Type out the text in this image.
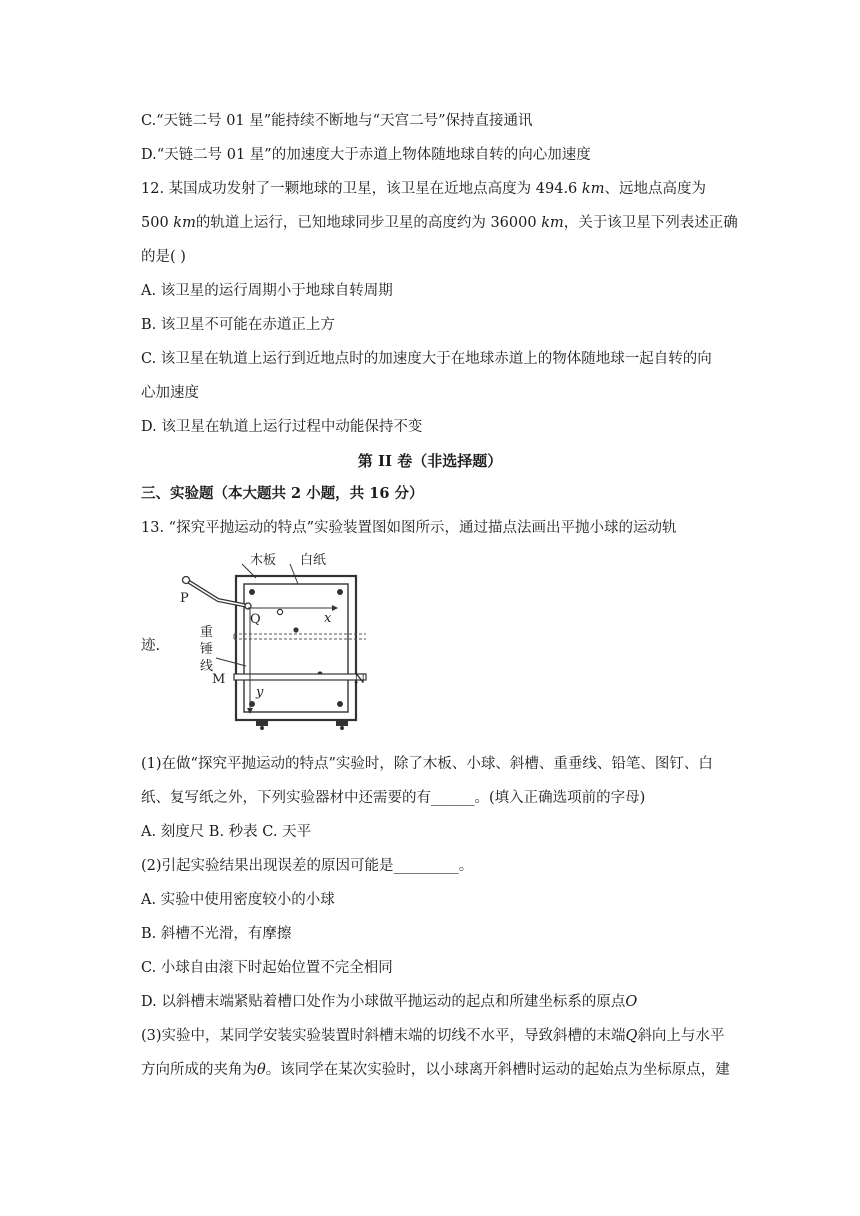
C.“天链二号 01 星”能持续不断地与“天宫二号”保持直接通讯
D.“天链二号 01 星”的加速度大于赤道上物体随地球自转的向心加速度
12. 某国成功发射了一颗地球的卫星，该卫星在近地点高度为 494.6 km、远地点高度为
500 km的轨道上运行，已知地球同步卫星的高度约为 36000 km，关于该卫星下列表述正确
的是( )
A. 该卫星的运行周期小于地球自转周期
B. 该卫星不可能在赤道正上方
C. 该卫星在轨道上运行到近地点时的加速度大于在地球赤道上的物体随地球一起自转的向
心加速度
D. 该卫星在轨道上运行过程中动能保持不变
第 II 卷（非选择题）
三、实验题（本大题共 2 小题，共 16 分）
13. “探究平抛运动的特点”实验装置图如图所示，通过描点法画出平抛小球的运动轨
木板 白纸
P
Q	x
y
M	N
重
锤
线
迹.
(1)在做“探究平抛运动的特点”实验时，除了木板、小球、斜槽、重垂线、铅笔、图钉、白
纸、复写纸之外，下列实验器材中还需要的有______。(填入正确选项前的字母)
A. 刻度尺 B. 秒表 C. 天平
(2)引起实验结果出现误差的原因可能是_________。
A. 实验中使用密度较小的小球
B. 斜槽不光滑，有摩擦
C. 小球自由滚下时起始位置不完全相同
D. 以斜槽末端紧贴着槽口处作为小球做平抛运动的起点和所建坐标系的原点O
(3)实验中，某同学安装实验装置时斜槽末端的切线不水平，导致斜槽的末端Q斜向上与水平
方向所成的夹角为θ。该同学在某次实验时，以小球离开斜槽时运动的起始点为坐标原点，建
